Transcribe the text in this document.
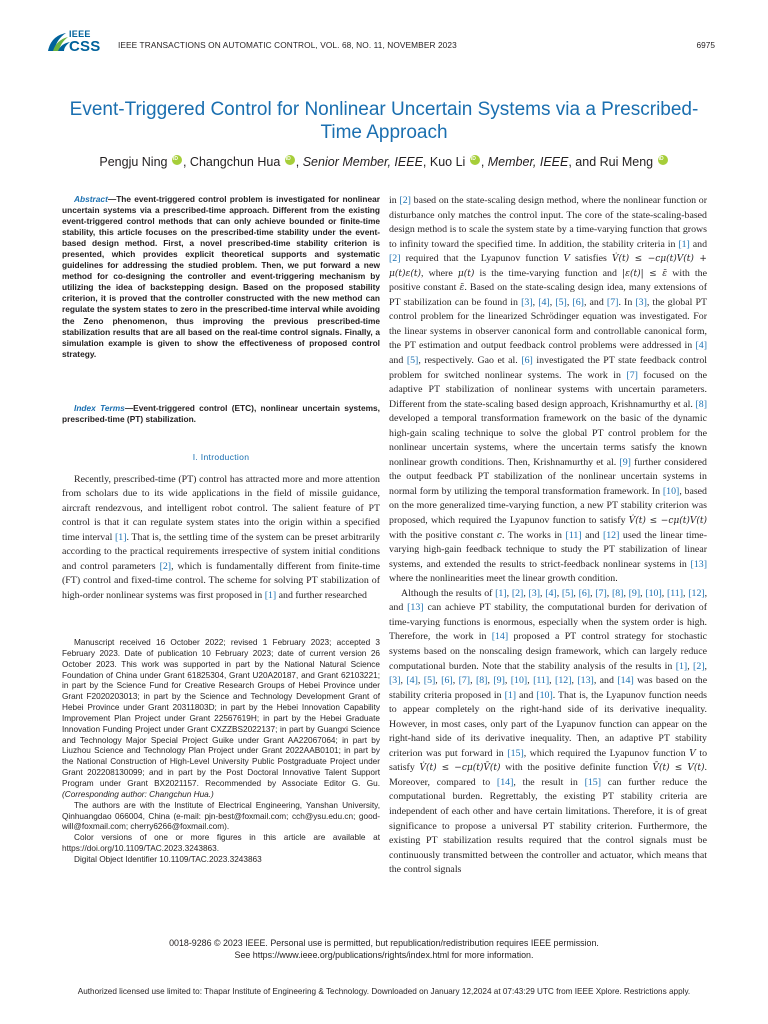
IEEE
CSS IEEE TRANSACTIONS ON AUTOMATIC CONTROL, VOL. 68, NO. 11, NOVEMBER 2023	6975
Event-Triggered Control for Nonlinear Uncertain Systems via a Prescribed-Time Approach
Pengju Ning iD , Changchun Hua iD , Senior Member, IEEE, Kuo Li iD , Member, IEEE, and Rui Meng iD

Abstract—The event-triggered control problem is investigated for nonlinear uncertain systems via a prescribed-time approach. Different from the existing event-triggered control methods that can only achieve bounded or finite-time stability, this article focuses on the prescribed-time stability under the event-based design method. First, a novel prescribed-time stability criterion is presented, which provides explicit theoretical supports and systematic guidelines for addressing the studied problem. Then, we put forward a new method for co-designing the controller and event-triggering mechanism by utilizing the idea of backstepping design. Based on the proposed stability criterion, it is proved that the controller constructed with the new method can regulate the system states to zero in the prescribed-time interval while avoiding the Zeno phenomenon, thus improving the previous prescribed-time stabilization results that are all based on the real-time control signals. Finally, a simulation example is given to show the effectiveness of proposed control strategy.

Index Terms—Event-triggered control (ETC), nonlinear uncertain systems, prescribed-time (PT) stabilization.

I. Introduction

Recently, prescribed-time (PT) control has attracted more and more attention from scholars due to its wide applications in the field of missile guidance, aircraft rendezvous, and intelligent robot control. The salient feature of PT control is that it can regulate system states into the origin within a specified time interval [1]. That is, the settling time of the system can be preset arbitrarily according to the practical requirements irrespective of system initial conditions and control parameters [2], which is fundamentally different from finite-time (FT) control and fixed-time control. The scheme for solving PT stabilization of high-order nonlinear systems was first proposed in [1] and further researched

Manuscript received 16 October 2022; revised 1 February 2023; accepted 3 February 2023. Date of publication 10 February 2023; date of current version 26 October 2023. This work was supported in part by the National Natural Science Foundation of China under Grant 61825304, Grant U20A20187, and Grant 62103221; in part by the Science Fund for Creative Research Groups of Hebei Province under Grant F2020203013; in part by the Science and Technology Development Grant of Hebei Province under Grant 20311803D; in part by the Hebei Innovation Capability Improvement Plan Project under Grant 22567619H; in part by the Hebei Graduate Innovation Funding Project under Grant CXZZBS2022137; in part by Guangxi Science and Technology Major Special Project Guike under Grant AA22067064; in part by Liuzhou Science and Technology Plan Project under Grant 2022AAB0101; in part by the National Construction of High-Level University Public Postgraduate Project under Grant 202208130099; and in part by the Post Doctoral Innovative Talent Support Program under Grant BX2021157. Recommended by Associate Editor G. Gu. (Corresponding author: Changchun Hua.)

The authors are with the Institute of Electrical Engineering, Yanshan University, Qinhuangdao 066004, China (e-mail: pjn-best@foxmail.com; cch@ysu.edu.cn; good-will@foxmail.com; cherry6266@foxmail.com).

Color versions of one or more figures in this article are available at https://doi.org/10.1109/TAC.2023.3243863.

Digital Object Identifier 10.1109/TAC.2023.3243863

in [2] based on the state-scaling design method, where the nonlinear function or disturbance only matches the control input. The core of the state-scaling-based design method is to scale the system state by a time-varying function that grows to infinity toward the specified time. In addition, the stability criteria in [1] and [2] required that the Lyapunov function V satisfies V̇(t) ≤ −cμ(t)V(t) + μ(t)ε(t), where μ(t) is the time-varying function and |ε(t)| ≤ ε̄ with the positive constant ε̄. Based on the state-scaling design idea, many extensions of PT stabilization can be found in [3], [4], [5], [6], and [7]. In [3], the global PT control problem for the linearized Schrödinger equation was investigated. For the linear systems in observer canonical form and controllable canonical form, the PT estimation and output feedback control problems were addressed in [4] and [5], respectively. Gao et al. [6] investigated the PT state feedback control problem for switched nonlinear systems. The work in [7] focused on the adaptive PT stabilization of nonlinear systems with uncertain parameters. Different from the state-scaling based design approach, Krishnamurthy et al. [8] developed a temporal transformation framework on the basic of the dynamic high-gain scaling technique to solve the global PT control problem for the nonlinear uncertain systems, where the uncertain terms satisfy the known nonlinear growth conditions. Then, Krishnamurthy et al. [9] further considered the output feedback PT stabilization of the nonlinear uncertain systems in normal form by utilizing the temporal transformation framework. In [10], based on the more generalized time-varying function, a new PT stability criterion was proposed, which required the Lyapunov function to satisfy V̇(t) ≤ −cμ(t)V(t) with the positive constant c. The works in [11] and [12] used the linear time-varying high-gain feedback technique to study the PT stabilization of linear systems, and extended the results to strict-feedback nonlinear systems in [13] where the nonlinearities meet the linear growth condition.

Although the results of [1], [2], [3], [4], [5], [6], [7], [8], [9], [10], [11], [12], and [13] can achieve PT stability, the computational burden for derivation of time-varying functions is enormous, especially when the system order is high. Therefore, the work in [14] proposed a PT control strategy for stochastic systems based on the nonscaling design framework, which can largely reduce computational burden. Note that the stability analysis of the results in [1], [2], [3], [4], [5], [6], [7], [8], [9], [10], [11], [12], [13], and [14] was based on the stability criteria proposed in [1] and [10]. That is, the Lyapunov function needs to appear completely on the right-hand side of its derivative inequality. However, in most cases, only part of the Lyapunov function can appear on the right-hand side of its derivative inequality. Then, an adaptive PT stability criterion was put forward in [15], which required the Lyapunov function V to satisfy V̇(t) ≤ −cμ(t)V̄(t) with the positive definite function V̄(t) ≤ V(t). Moreover, compared to [14], the result in [15] can further reduce the computational burden. Regrettably, the existing PT stability criteria are independent of each other and have certain limitations. Therefore, it is of great significance to propose a universal PT stability criterion. Furthermore, the existing PT stabilization results required that the control signals must be continuously transmitted between the controller and actuator, which means that the control signals

0018-9286 © 2023 IEEE. Personal use is permitted, but republication/redistribution requires IEEE permission.
See https://www.ieee.org/publications/rights/index.html for more information.
Authorized licensed use limited to: Thapar Institute of Engineering & Technology. Downloaded on January 12,2024 at 07:43:29 UTC from IEEE Xplore. Restrictions apply.
